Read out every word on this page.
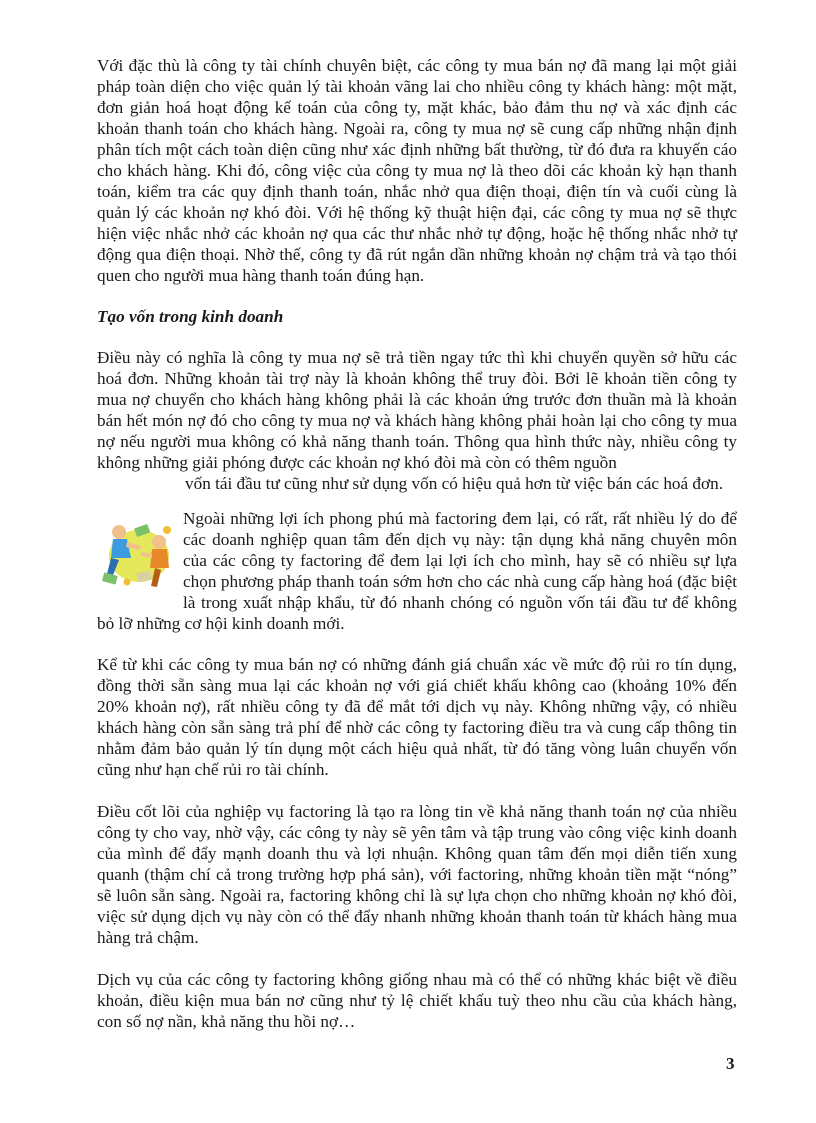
Với đặc thù là công ty tài chính chuyên biệt, các công ty mua bán nợ đã mang lại một giải pháp toàn diện cho việc quản lý tài khoản vãng lai cho nhiều công ty khách hàng: một mặt, đơn giản hoá hoạt động kế toán của công ty, mặt khác, bảo đảm thu nợ và xác định các khoản thanh toán cho khách hàng. Ngoài ra, công ty mua nợ sẽ cung cấp những nhận định phân tích một cách toàn diện cũng như xác định những bất thường, từ đó đưa ra khuyến cáo cho khách hàng. Khi đó, công việc của công ty mua nợ là theo dõi các khoản kỳ hạn thanh toán, kiểm tra các quy định thanh toán, nhắc nhở qua điện thoại, điện tín và cuối cùng là quản lý các khoản nợ khó đòi. Với hệ thống kỹ thuật hiện đại, các công ty mua nợ sẽ thực hiện việc nhắc nhở các khoản nợ qua các thư nhắc nhở tự động, hoặc hệ thống nhắc nhở tự động qua điện thoại. Nhờ thế, công ty đã rút ngắn dần những khoản nợ chậm trả và tạo thói quen cho người mua hàng thanh toán đúng hạn.

Tạo vốn trong kinh doanh

Điều này có nghĩa là công ty mua nợ sẽ trả tiền ngay tức thì khi chuyển quyền sở hữu các hoá đơn. Những khoản tài trợ này là khoản không thể truy đòi. Bởi lẽ khoản tiền công ty mua nợ chuyển cho khách hàng không phải là các khoản ứng trước đơn thuần mà là khoản bán hết món nợ đó cho công ty mua nợ và khách hàng không phải hoàn lại cho công ty mua nợ nếu người mua không có khả năng thanh toán. Thông qua hình thức này, nhiều công ty không những giải phóng được các khoản nợ khó đòi mà còn có thêm nguồn

vốn tái đầu tư cũng như sử dụng vốn có hiệu quả hơn từ việc bán các hoá đơn.

Ngoài những lợi ích phong phú mà factoring đem lại, có rất, rất nhiều lý do để các doanh nghiệp quan tâm đến dịch vụ này: tận dụng khả năng chuyên môn của các công ty factoring để đem lại lợi ích cho mình, hay sẽ có nhiều sự lựa chọn phương pháp thanh toán sớm hơn cho các nhà cung cấp hàng hoá (đặc biệt là trong xuất nhập khẩu, từ đó nhanh chóng có nguồn vốn tái đầu tư để không bỏ lỡ những cơ hội kinh doanh mới.

Kể từ khi các công ty mua bán nợ có những đánh giá chuẩn xác về mức độ rủi ro tín dụng, đồng thời sẵn sàng mua lại các khoản nợ với giá chiết khấu không cao (khoảng 10% đến 20% khoản nợ), rất nhiều công ty đã để mắt tới dịch vụ này. Không những vậy, có nhiều khách hàng còn sẵn sàng trả phí để nhờ các công ty factoring điều tra và cung cấp thông tin nhằm đảm bảo quản lý tín dụng một cách hiệu quả nhất, từ đó tăng vòng luân chuyển vốn cũng như hạn chế rủi ro tài chính.

Điều cốt lõi của nghiệp vụ factoring là tạo ra lòng tin về khả năng thanh toán nợ của nhiều công ty cho vay, nhờ vậy, các công ty này sẽ yên tâm và tập trung vào công việc kinh doanh của mình để đẩy mạnh doanh thu và lợi nhuận. Không quan tâm đến mọi diễn tiến xung quanh (thậm chí cả trong trường hợp phá sản), với factoring, những khoản tiền mặt “nóng” sẽ luôn sẵn sàng. Ngoài ra, factoring không chỉ là sự lựa chọn cho những khoản nợ khó đòi, việc sử dụng dịch vụ này còn có thể đẩy nhanh những khoản thanh toán từ khách hàng mua hàng trả chậm.

Dịch vụ của các công ty factoring không giống nhau mà có thể có những khác biệt về điều khoản, điều kiện mua bán nơ cũng như tỷ lệ chiết khấu tuỳ theo nhu cầu của khách hàng, con số nợ nần, khả năng thu hồi nợ…

3
